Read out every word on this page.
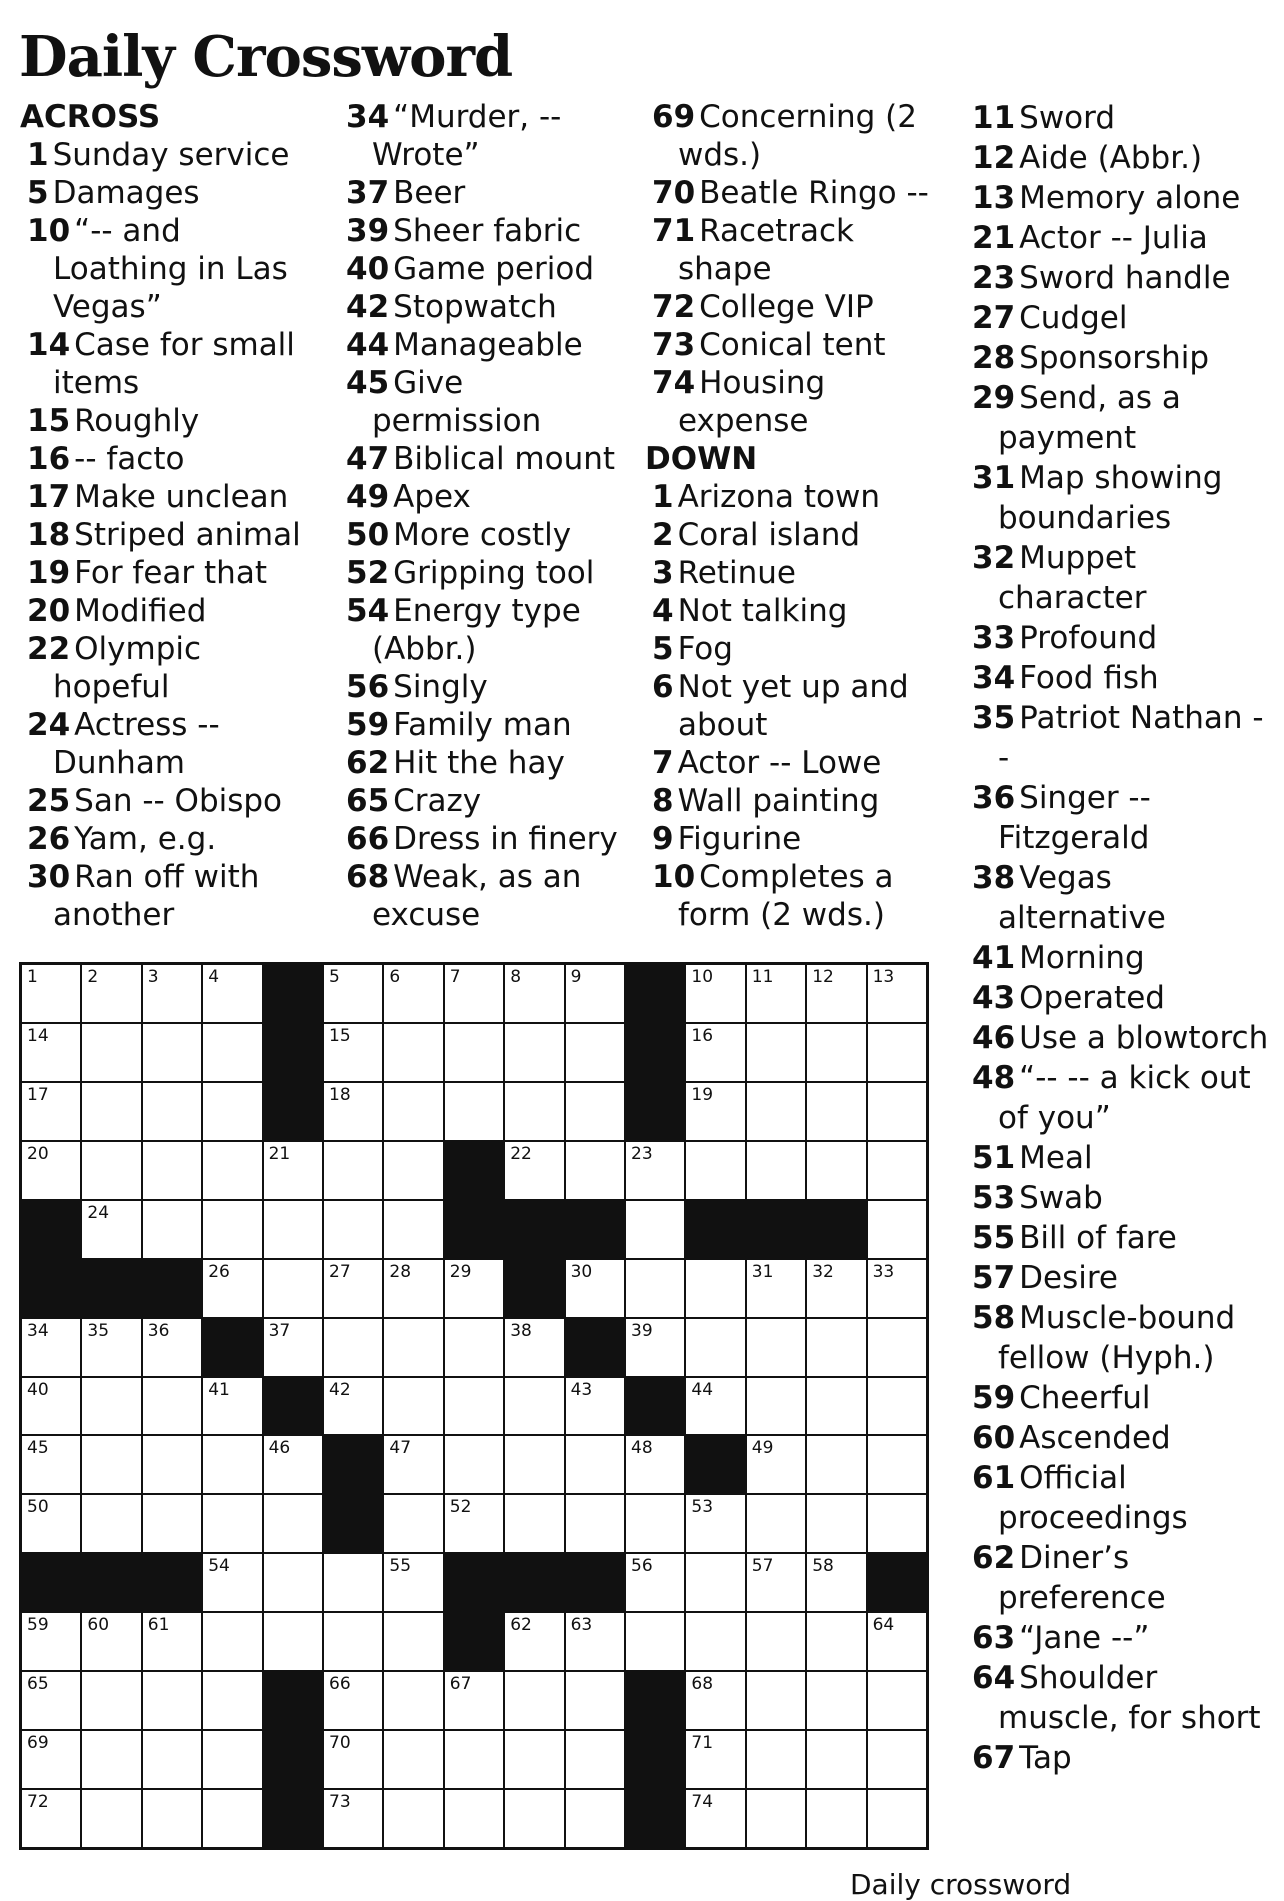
Daily Crossword
ACROSS
1 Sunday service
5 Damages
10 “-- and Loathing in Las Vegas”
14 Case for small items
15 Roughly
16 -- facto
17 Make unclean
18 Striped animal
19 For fear that
20 Modified
22 Olympic hopeful
24 Actress -- Dunham
25 San -- Obispo
26 Yam, e.g.
30 Ran off with another
34 “Murder, -- Wrote”
37 Beer
39 Sheer fabric
40 Game period
42 Stopwatch
44 Manageable
45 Give permission
47 Biblical mount
49 Apex
50 More costly
52 Gripping tool
54 Energy type (Abbr.)
56 Singly
59 Family man
62 Hit the hay
65 Crazy
66 Dress in finery
68 Weak, as an excuse
69 Concerning (2 wds.)
70 Beatle Ringo --
71 Racetrack shape
72 College VIP
73 Conical tent
74 Housing expense
DOWN
1 Arizona town
2 Coral island
3 Retinue
4 Not talking
5 Fog
6 Not yet up and about
7 Actor -- Lowe
8 Wall painting
9 Figurine
10 Completes a form (2 wds.)
11 Sword
12 Aide (Abbr.)
13 Memory alone
21 Actor -- Julia
23 Sword handle
27 Cudgel
28 Sponsorship
29 Send, as a payment
31 Map showing boundaries
32 Muppet character
33 Profound
34 Food fish
35 Patriot Nathan --
36 Singer -- Fitzgerald
38 Vegas alternative
41 Morning
43 Operated
46 Use a blowtorch
48 “-- -- a kick out of you”
51 Meal
53 Swab
55 Bill of fare
57 Desire
58 Muscle-bound fellow (Hyph.)
59 Cheerful
60 Ascended
61 Official proceedings
62 Diner’s preference
63 “Jane --”
64 Shoulder muscle, for short
67 Tap
1	2	3	4	5	6	7	8	9	10 11 12 13
14	15	16
17	18	19
20	21	22	23
24
26	27 28 29	30	31 32 33
34 35 36	37	38	39
40	41	42	43	44
45	46	47	48	49
50	52	53
54	55	56	57 58
59 60 61	62 63	64
65	66	67	68
69	70	71
72	73	74
Daily crossword
